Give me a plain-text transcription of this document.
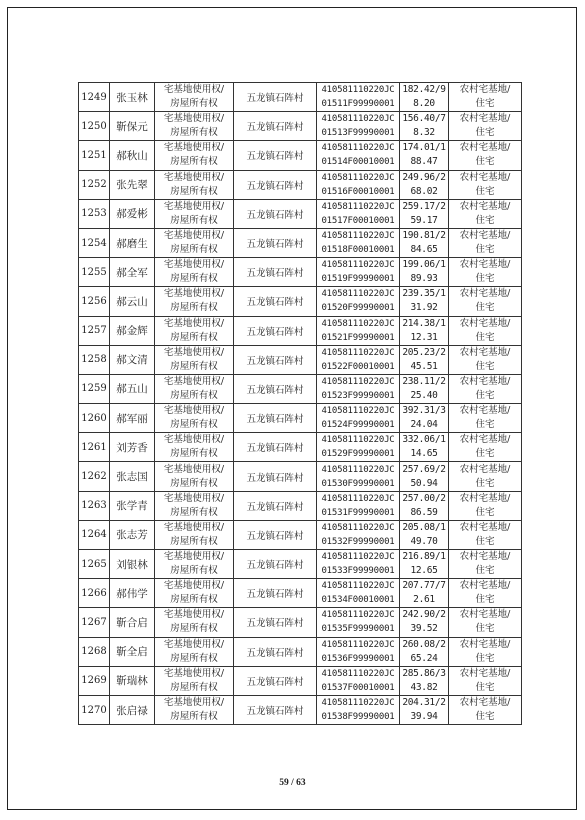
1249	张玉林	宅基地使用权/
房屋所有权	五龙镇石阵村	410581110220JC
01511F99990001	182.42/9
8.20	农村宅基地/
住宅

1250	靳保元	宅基地使用权/
房屋所有权	五龙镇石阵村	410581110220JC
01513F99990001	156.40/7
8.32	农村宅基地/
住宅

1251	郝秋山	宅基地使用权/
房屋所有权	五龙镇石阵村	410581110220JC
01514F00010001	174.01/1
88.47	农村宅基地/
住宅

1252	张先翠	宅基地使用权/
房屋所有权	五龙镇石阵村	410581110220JC
01516F00010001	249.96/2
68.02	农村宅基地/
住宅

1253	郝爱彬	宅基地使用权/
房屋所有权	五龙镇石阵村	410581110220JC
01517F00010001	259.17/2
59.17	农村宅基地/
住宅

1254	郝磨生	宅基地使用权/
房屋所有权	五龙镇石阵村	410581110220JC
01518F00010001	190.81/2
84.65	农村宅基地/
住宅

1255	郝全军	宅基地使用权/
房屋所有权	五龙镇石阵村	410581110220JC
01519F99990001	199.06/1
89.93	农村宅基地/
住宅

1256	郝云山	宅基地使用权/
房屋所有权	五龙镇石阵村	410581110220JC
01520F99990001	239.35/1
31.92	农村宅基地/
住宅

1257	郝金辉	宅基地使用权/
房屋所有权	五龙镇石阵村	410581110220JC
01521F99990001	214.38/1
12.31	农村宅基地/
住宅

1258	郝文清	宅基地使用权/
房屋所有权	五龙镇石阵村	410581110220JC
01522F00010001	205.23/2
45.51	农村宅基地/
住宅

1259	郝五山	宅基地使用权/
房屋所有权	五龙镇石阵村	410581110220JC
01523F99990001	238.11/2
25.40	农村宅基地/
住宅

1260	郝军丽	宅基地使用权/
房屋所有权	五龙镇石阵村	410581110220JC
01524F99990001	392.31/3
24.04	农村宅基地/
住宅

1261	刘芳香	宅基地使用权/
房屋所有权	五龙镇石阵村	410581110220JC
01529F99990001	332.06/1
14.65	农村宅基地/
住宅

1262	张志国	宅基地使用权/
房屋所有权	五龙镇石阵村	410581110220JC
01530F99990001	257.69/2
50.94	农村宅基地/
住宅

1263	张学青	宅基地使用权/
房屋所有权	五龙镇石阵村	410581110220JC
01531F99990001	257.00/2
86.59	农村宅基地/
住宅

1264	张志芳	宅基地使用权/
房屋所有权	五龙镇石阵村	410581110220JC
01532F99990001	205.08/1
49.70	农村宅基地/
住宅

1265	刘银林	宅基地使用权/
房屋所有权	五龙镇石阵村	410581110220JC
01533F99990001	216.89/1
12.65	农村宅基地/
住宅

1266	郝伟学	宅基地使用权/
房屋所有权	五龙镇石阵村	410581110220JC
01534F00010001	207.77/7
2.61	农村宅基地/
住宅

1267	靳合启	宅基地使用权/
房屋所有权	五龙镇石阵村	410581110220JC
01535F99990001	242.90/2
39.52	农村宅基地/
住宅

1268	靳全启	宅基地使用权/
房屋所有权	五龙镇石阵村	410581110220JC
01536F99990001	260.08/2
65.24	农村宅基地/
住宅

1269	靳瑞林	宅基地使用权/
房屋所有权	五龙镇石阵村	410581110220JC
01537F00010001	285.86/3
43.82	农村宅基地/
住宅

1270	张启禄	宅基地使用权/
房屋所有权	五龙镇石阵村	410581110220JC
01538F99990001	204.31/2
39.94	农村宅基地/
住宅
59 / 63
